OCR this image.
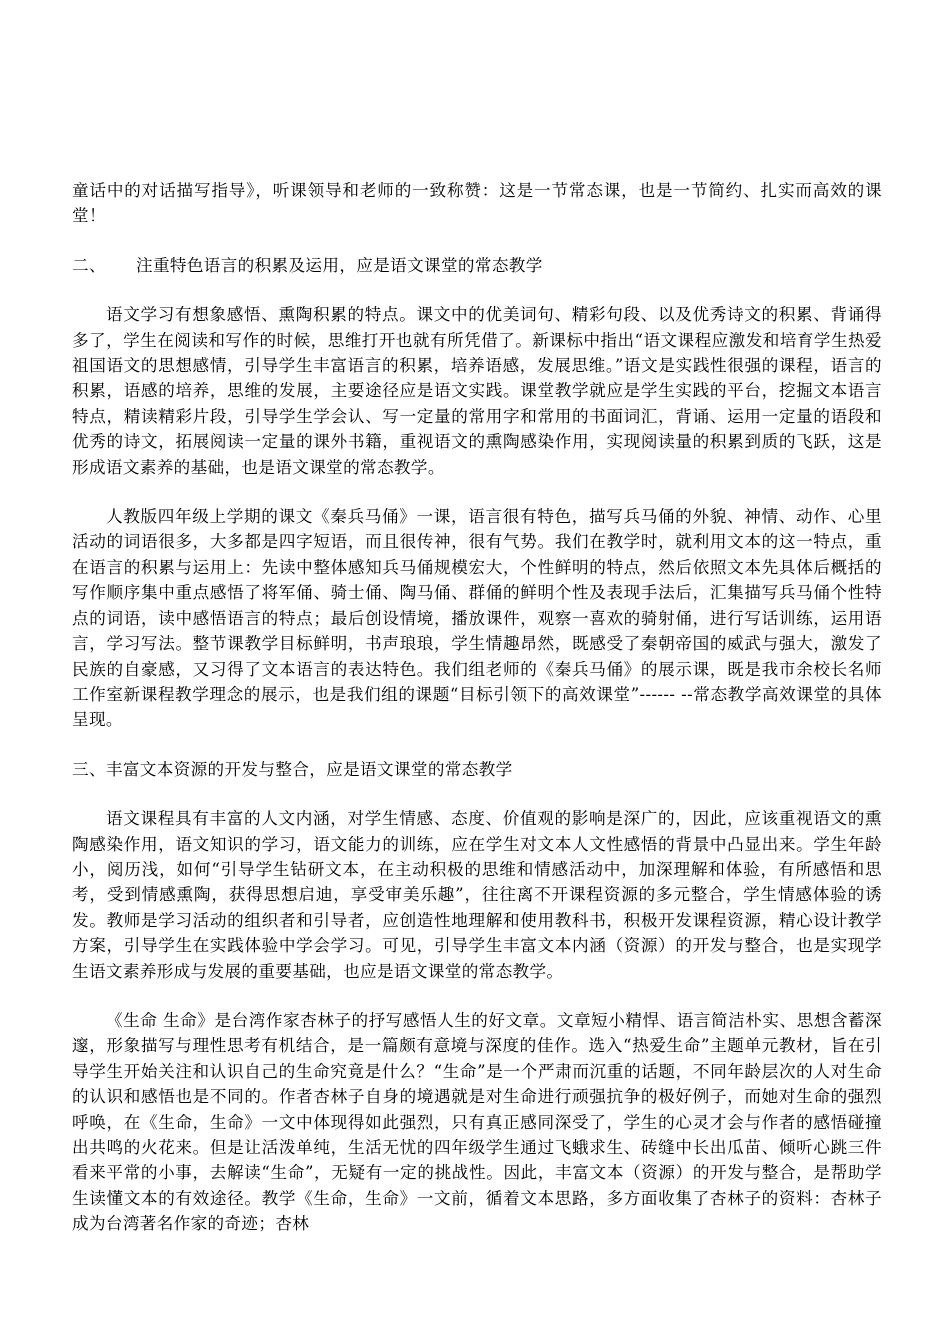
童话中的对话描写指导》，听课领导和老师的一致称赞：这是一节常态课，也是一节简约、扎实而高效的课堂！

二、 注重特色语言的积累及运用，应是语文课堂的常态教学

语文学习有想象感悟、熏陶积累的特点。课文中的优美词句、精彩句段、以及优秀诗文的积累、背诵得多了，学生在阅读和写作的时候，思维打开也就有所凭借了。新课标中指出“语文课程应激发和培育学生热爱祖国语文的思想感情，引导学生丰富语言的积累，培养语感，发展思维。”语文是实践性很强的课程，语言的积累，语感的培养，思维的发展，主要途径应是语文实践。课堂教学就应是学生实践的平台，挖掘文本语言特点，精读精彩片段，引导学生学会认、写一定量的常用字和常用的书面词汇，背诵、运用一定量的语段和优秀的诗文，拓展阅读一定量的课外书籍，重视语文的熏陶感染作用，实现阅读量的积累到质的飞跃，这是形成语文素养的基础，也是语文课堂的常态教学。

人教版四年级上学期的课文《秦兵马俑》一课，语言很有特色，描写兵马俑的外貌、神情、动作、心里活动的词语很多，大多都是四字短语，而且很传神，很有气势。我们在教学时，就利用文本的这一特点，重在语言的积累与运用上：先读中整体感知兵马俑规模宏大，个性鲜明的特点，然后依照文本先具体后概括的写作顺序集中重点感悟了将军俑、骑士俑、陶马俑、群俑的鲜明个性及表现手法后，汇集描写兵马俑个性特点的词语，读中感悟语言的特点；最后创设情境，播放课件，观察一喜欢的骑射俑，进行写话训练，运用语言，学习写法。整节课教学目标鲜明，书声琅琅，学生情趣昂然，既感受了秦朝帝国的威武与强大，激发了民族的自豪感，又习得了文本语言的表达特色。我们组老师的《秦兵马俑》的展示课，既是我市余校长名师工作室新课程教学理念的展示，也是我们组的课题“目标引领下的高效课堂”------ --常态教学高效课堂的具体呈现。

三、丰富文本资源的开发与整合，应是语文课堂的常态教学

语文课程具有丰富的人文内涵，对学生情感、态度、价值观的影响是深广的，因此，应该重视语文的熏陶感染作用，语文知识的学习，语文能力的训练，应在学生对文本人文性感悟的背景中凸显出来。学生年龄小，阅历浅，如何“引导学生钻研文本，在主动积极的思维和情感活动中，加深理解和体验，有所感悟和思考，受到情感熏陶，获得思想启迪，享受审美乐趣”，往往离不开课程资源的多元整合，学生情感体验的诱发。教师是学习活动的组织者和引导者，应创造性地理解和使用教科书，积极开发课程资源，精心设计教学方案，引导学生在实践体验中学会学习。可见，引导学生丰富文本内涵（资源）的开发与整合，也是实现学生语文素养形成与发展的重要基础，也应是语文课堂的常态教学。

《生命 生命》是台湾作家杏林子的抒写感悟人生的好文章。文章短小精悍、语言简洁朴实、思想含蓄深邃，形象描写与理性思考有机结合，是一篇颇有意境与深度的佳作。选入“热爱生命”主题单元教材，旨在引导学生开始关注和认识自己的生命究竟是什么？“生命”是一个严肃而沉重的话题，不同年龄层次的人对生命的认识和感悟也是不同的。作者杏林子自身的境遇就是对生命进行顽强抗争的极好例子，而她对生命的强烈呼唤，在《生命，生命》一文中体现得如此强烈，只有真正感同深受了，学生的心灵才会与作者的感悟碰撞出共鸣的火花来。但是让活泼单纯，生活无忧的四年级学生通过飞蛾求生、砖缝中长出瓜苗、倾听心跳三件看来平常的小事，去解读“生命”，无疑有一定的挑战性。因此，丰富文本（资源）的开发与整合，是帮助学生读懂文本的有效途径。教学《生命，生命》一文前，循着文本思路，多方面收集了杏林子的资料：杏林子成为台湾著名作家的奇迹；杏林
